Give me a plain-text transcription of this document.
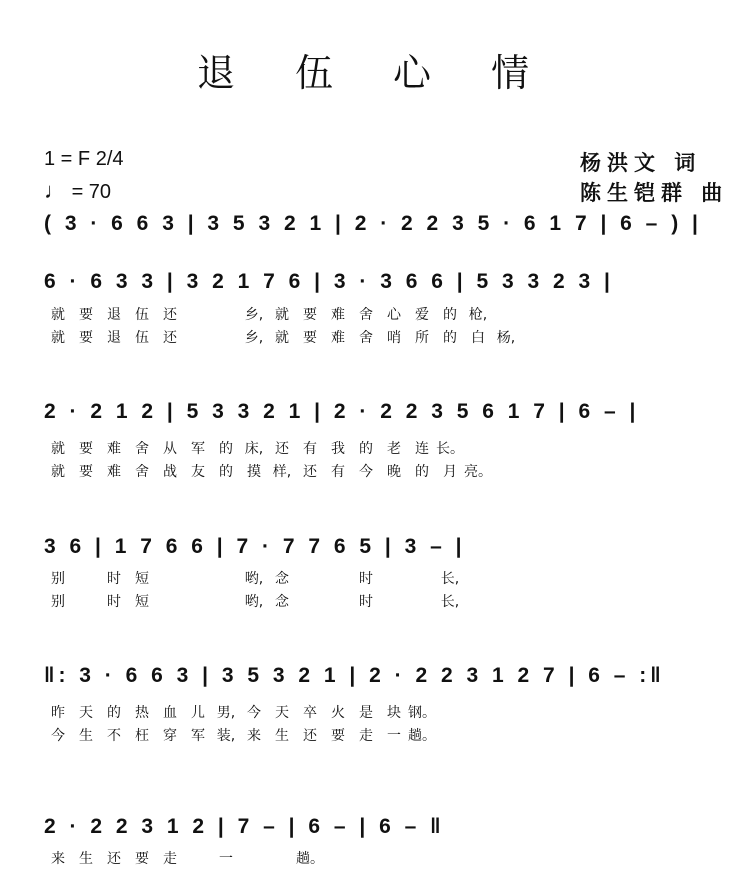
退 伍 心 情
1 = F 2/4
♩ = 70
杨洪文 词
陈生铠群 曲
( 3 · 6 6 3 | 3 5 3 2 1 | 2 · 2 2 3 5 · 6 1 7 | 6 – ) |
6 · 6 3 3 | 3 2 1 7 6 | 3 · 3 6 6 | 5 3 3 2 3 |
就 要 退 伍 还	乡, 就 要 难 舍 心 爱 的 枪,
就 要 退 伍 还	乡, 就 要 难 舍 哨 所 的 白 杨,
2 · 2 1 2 | 5 3 3 2 1 | 2 · 2 2 3 5 6 1 7 | 6 – |
就 要 难 舍 从 军 的 床, 还 有 我 的 老 连 长。
就 要 难 舍 战 友 的 摸 样, 还 有 今 晚 的 月 亮。
3 6 | 1 7 6 6 | 7 · 7 7 6 5 | 3 – |
别	时 短	哟, 念	时	长,
别	时 短	哟, 念	时	长,
‖: 3 · 6 6 3 | 3 5 3 2 1 | 2 · 2 2 3 1 2 7 | 6 – :‖
昨 天 的 热 血 儿 男, 今 天 卒 火 是 块 钢。
今 生 不 枉 穿 军 装, 来 生 还 要 走 一 趟。
2 · 2 2 3 1 2 | 7 – | 6 – | 6 – ‖
来 生 还 要 走	一	趟。
